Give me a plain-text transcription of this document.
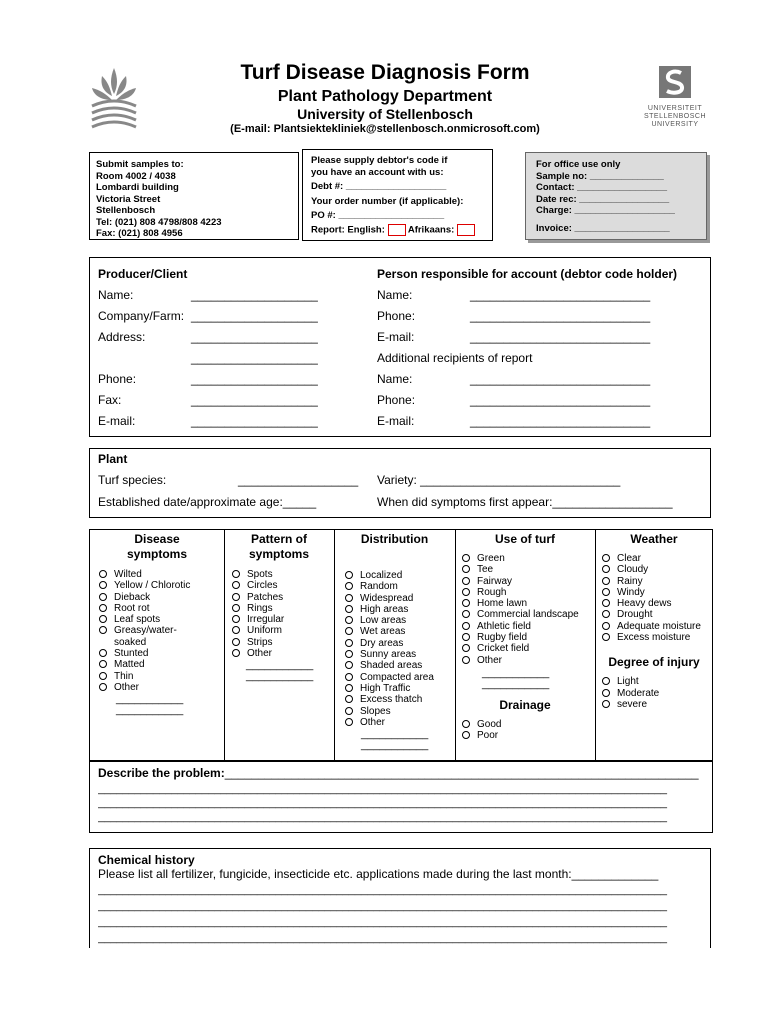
UNIVERSITEIT
STELLENBOSCH
UNIVERSITY
Turf Disease Diagnosis Form
Plant Pathology Department
University of Stellenbosch
(E-mail: Plantsiektekliniek@stellenbosch.onmicrosoft.com)
Submit samples to:
Room 4002 / 4038
Lombardi building
Victoria Street
Stellenbosch
Tel: (021) 808 4798/808 4223
Fax: (021) 808 4956
Please supply debtor's code if
you have an account with us:
Debt #: ___________________
Your order number (if applicable):
PO #: ____________________
Report: English: Afrikaans:
For office use only
Sample no: ______________
Contact: _________________
Date rec: _________________
Charge: ___________________
Invoice: __________________
Producer/Client
Name:	___________________
Company/Farm: ___________________
Address:	___________________
___________________
Phone:	___________________
Fax:	___________________
E-mail:	___________________
Person responsible for account (debtor code holder)
Name:	___________________________
Phone:	___________________________
E-mail:	___________________________
Additional recipients of report
Name:	___________________________
Phone:	___________________________
E-mail:	___________________________
Plant
Turf species:	__________________ Variety: ______________________________
Established date/approximate age:_____	When did symptoms first appear:__________________
Disease
symptoms
Wilted
Yellow / Chlorotic
Dieback
Root rot
Leaf spots
Greasy/water-
soaked
Stunted
Matted
Thin
Other
___________
___________
Pattern of
symptoms
Spots
Circles
Patches
Rings
Irregular
Uniform
Strips
Other
___________
___________
Distribution
Localized
Random
Widespread
High areas
Low areas
Wet areas
Dry areas
Sunny areas
Shaded areas
Compacted area
High Traffic
Excess thatch
Slopes
Other
___________
___________
Use of turf
Green
Tee
Fairway
Rough
Home lawn
Commercial landscape
Athletic field
Rugby field
Cricket field
Other
___________
___________
Drainage
Good
Poor
Weather
Clear
Cloudy
Rainy
Windy
Heavy dews
Drought
Adequate moisture
Excess moisture
Degree of injury
Light
Moderate
severe
Describe the problem:_______________________________________________________________________
_____________________________________________________________________________________________
_____________________________________________________________________________________________
_____________________________________________________________________________________________
Chemical history
Please list all fertilizer, fungicide, insecticide etc. applications made during the last month:_____________
_____________________________________________________________________________________________
_____________________________________________________________________________________________
_____________________________________________________________________________________________
_____________________________________________________________________________________________
